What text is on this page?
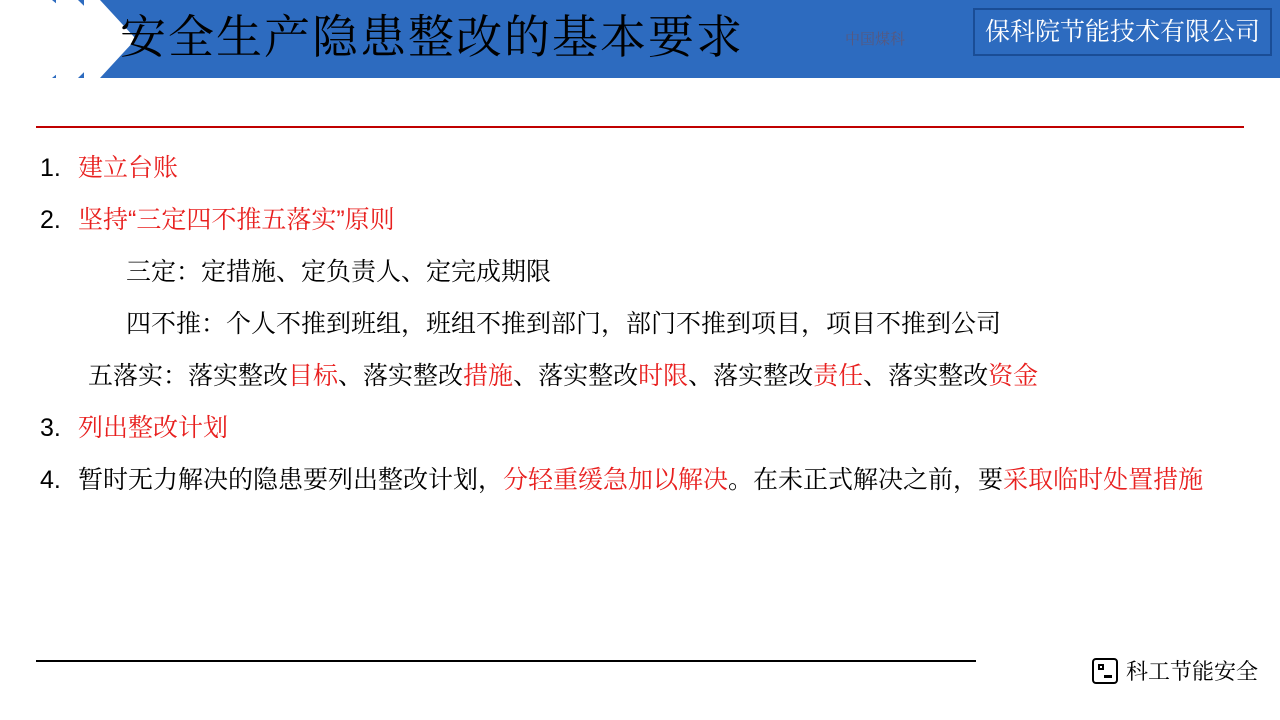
安全生产隐患整改的基本要求	中国煤科	保科院节能技术有限公司
1. 建立台账
2. 坚持“三定四不推五落实”原则
三定：定措施、定负责人、定完成期限
四不推：个人不推到班组，班组不推到部门，部门不推到项目，项目不推到公司
五落实：落实整改目标、落实整改措施、落实整改时限、落实整改责任、落实整改资金
3. 列出整改计划
4. 暂时无力解决的隐患要列出整改计划，分轻重缓急加以解决。在未正式解决之前，要采取临时处置措施
科工节能安全
